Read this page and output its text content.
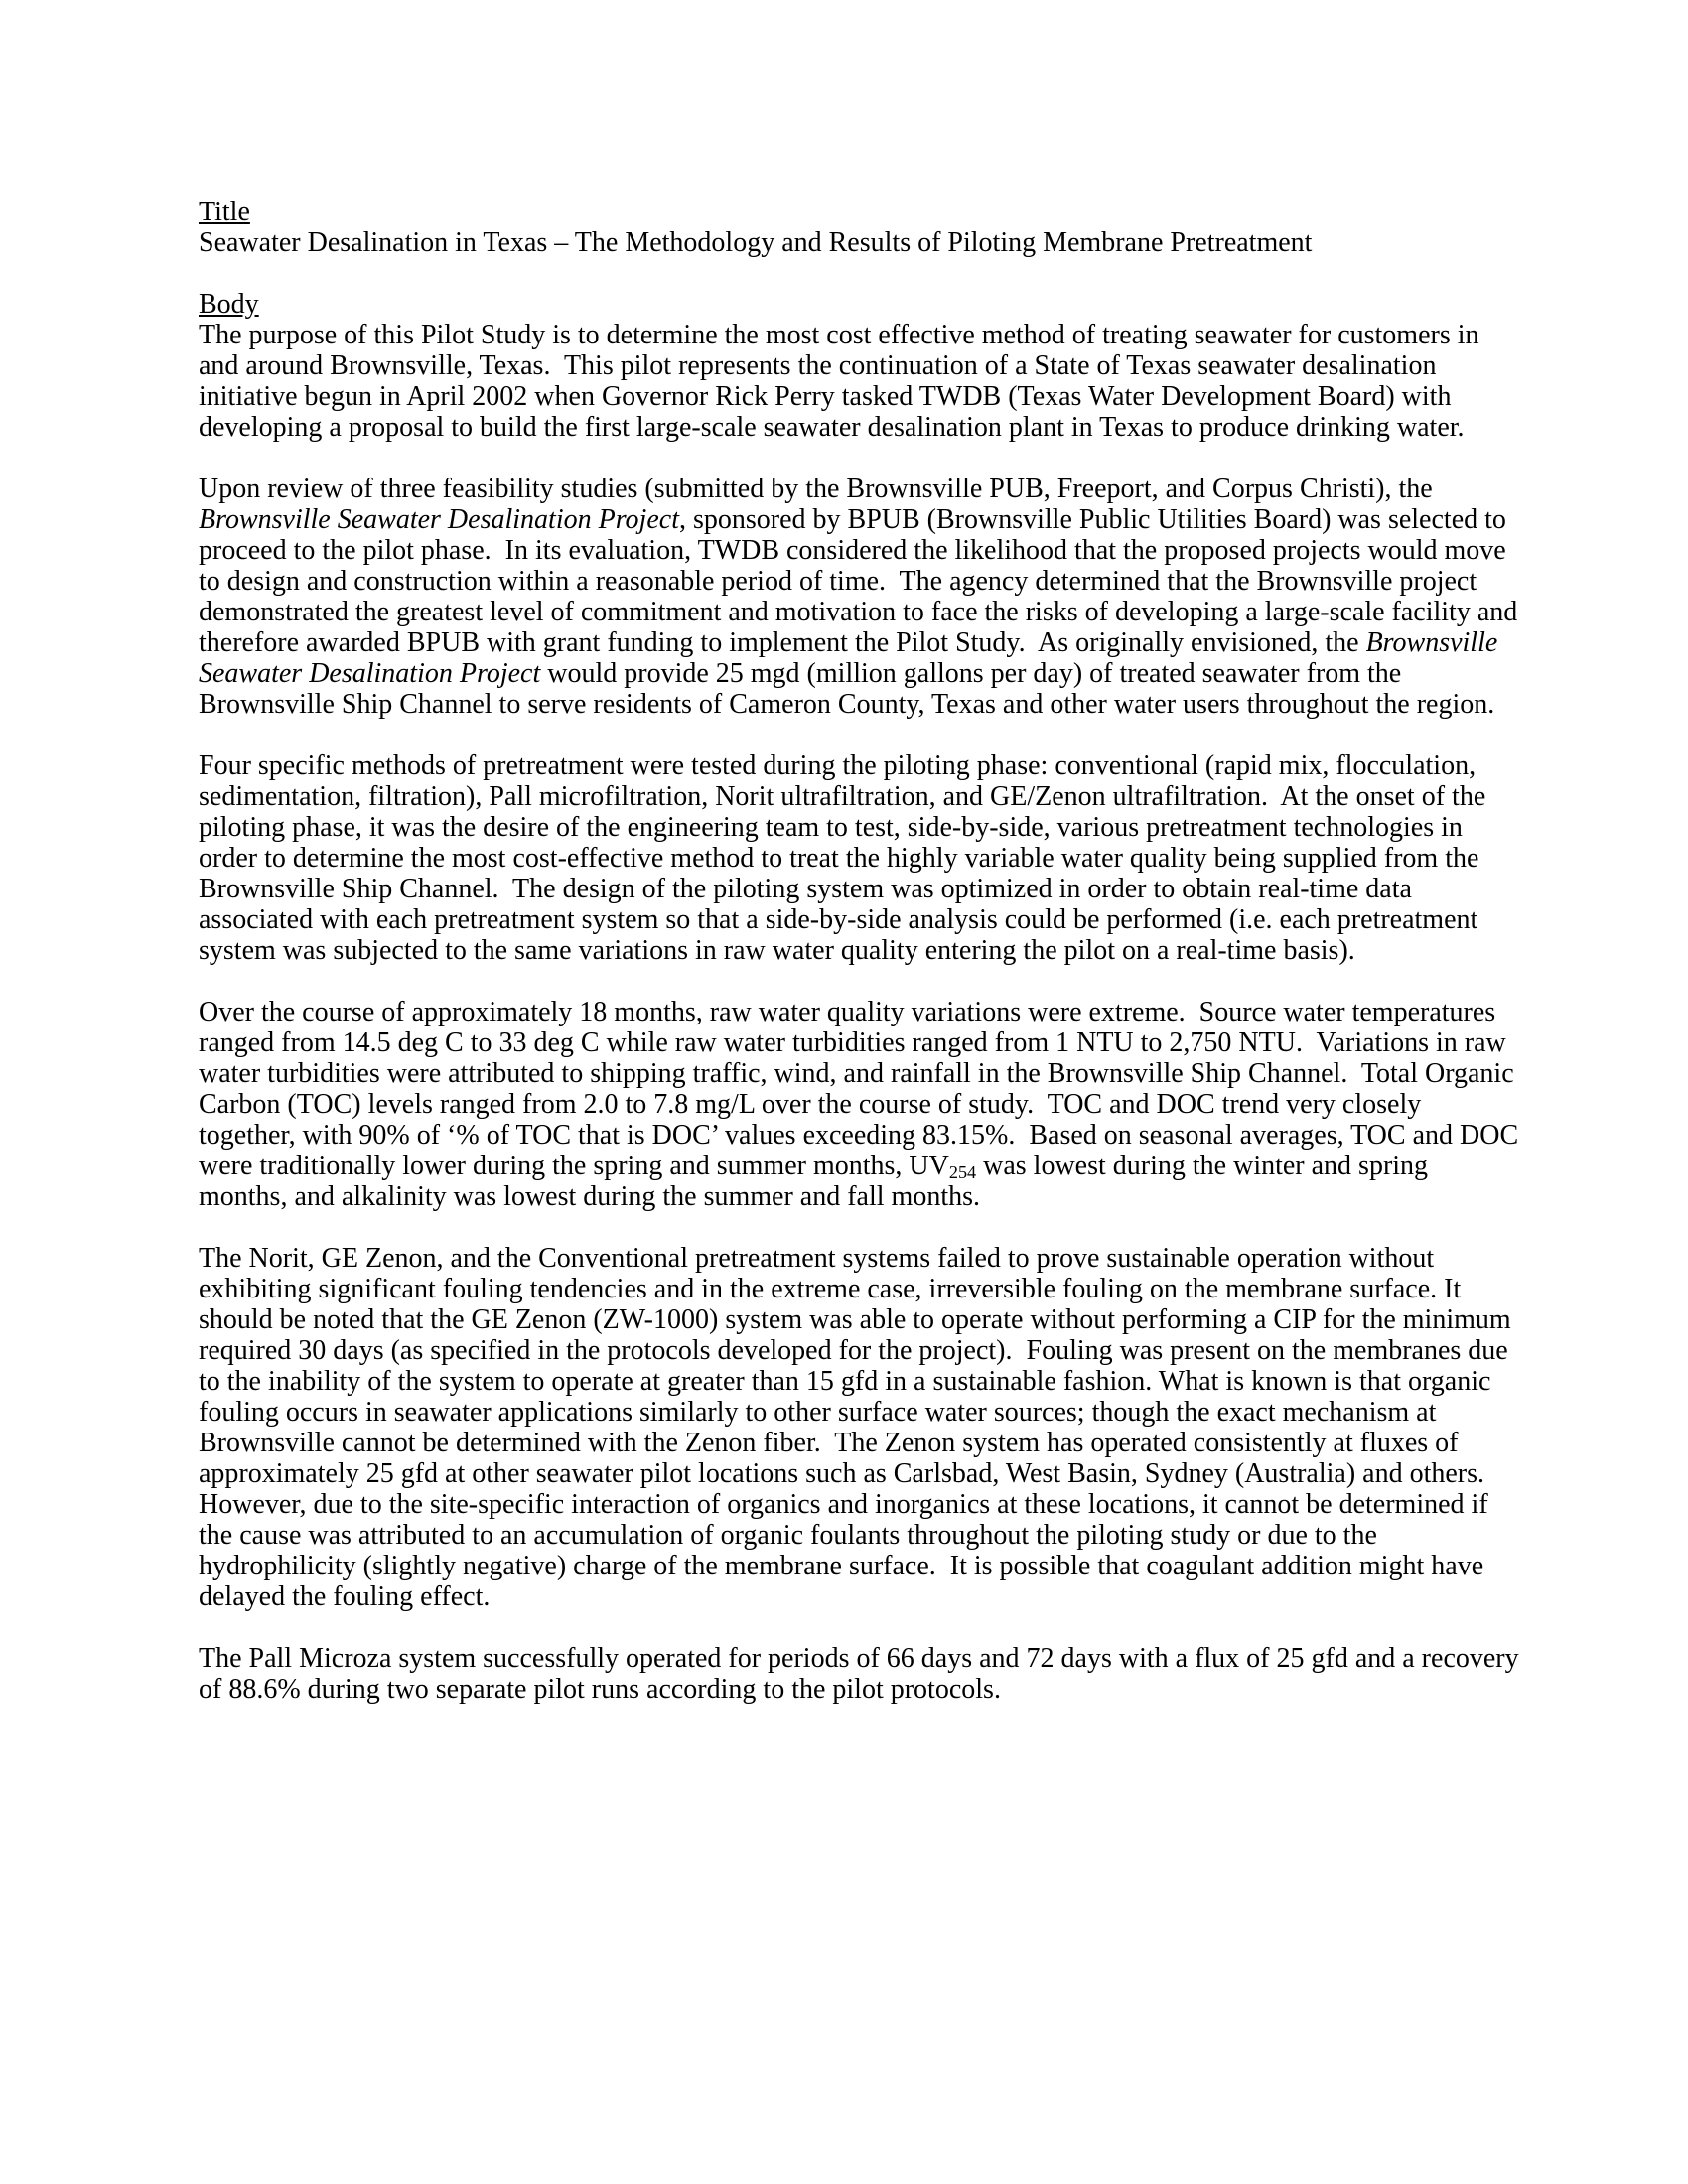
Title
Seawater Desalination in Texas – The Methodology and Results of Piloting Membrane Pretreatment
Body

The purpose of this Pilot Study is to determine the most cost effective method of treating seawater for customers in and around Brownsville, Texas.  This pilot represents the continuation of a State of Texas seawater desalination initiative begun in April 2002 when Governor Rick Perry tasked TWDB (Texas Water Development Board) with developing a proposal to build the first large-scale seawater desalination plant in Texas to produce drinking water.

Upon review of three feasibility studies (submitted by the Brownsville PUB, Freeport, and Corpus Christi), the Brownsville Seawater Desalination Project, sponsored by BPUB (Brownsville Public Utilities Board) was selected to proceed to the pilot phase.  In its evaluation, TWDB considered the likelihood that the proposed projects would move to design and construction within a reasonable period of time.  The agency determined that the Brownsville project demonstrated the greatest level of commitment and motivation to face the risks of developing a large-scale facility and therefore awarded BPUB with grant funding to implement the Pilot Study.  As originally envisioned, the Brownsville Seawater Desalination Project would provide 25 mgd (million gallons per day) of treated seawater from the Brownsville Ship Channel to serve residents of Cameron County, Texas and other water users throughout the region.

Four specific methods of pretreatment were tested during the piloting phase: conventional (rapid mix, flocculation, sedimentation, filtration), Pall microfiltration, Norit ultrafiltration, and GE/Zenon ultrafiltration.  At the onset of the piloting phase, it was the desire of the engineering team to test, side-by-side, various pretreatment technologies in order to determine the most cost-effective method to treat the highly variable water quality being supplied from the Brownsville Ship Channel.  The design of the piloting system was optimized in order to obtain real-time data associated with each pretreatment system so that a side-by-side analysis could be performed (i.e. each pretreatment system was subjected to the same variations in raw water quality entering the pilot on a real-time basis).

Over the course of approximately 18 months, raw water quality variations were extreme.  Source water temperatures ranged from 14.5 deg C to 33 deg C while raw water turbidities ranged from 1 NTU to 2,750 NTU.  Variations in raw water turbidities were attributed to shipping traffic, wind, and rainfall in the Brownsville Ship Channel.  Total Organic Carbon (TOC) levels ranged from 2.0 to 7.8 mg/L over the course of study.  TOC and DOC trend very closely together, with 90% of ‘% of TOC that is DOC’ values exceeding 83.15%.  Based on seasonal averages, TOC and DOC were traditionally lower during the spring and summer months, $UV_{254}$ was lowest during the winter and spring months, and alkalinity was lowest during the summer and fall months.

The Norit, GE Zenon, and the Conventional pretreatment systems failed to prove sustainable operation without exhibiting significant fouling tendencies and in the extreme case, irreversible fouling on the membrane surface. It should be noted that the GE Zenon (ZW-1000) system was able to operate without performing a CIP for the minimum required 30 days (as specified in the protocols developed for the project).  Fouling was present on the membranes due to the inability of the system to operate at greater than 15 gfd in a sustainable fashion. What is known is that organic fouling occurs in seawater applications similarly to other surface water sources; though the exact mechanism at Brownsville cannot be determined with the Zenon fiber.  The Zenon system has operated consistently at fluxes of approximately 25 gfd at other seawater pilot locations such as Carlsbad, West Basin, Sydney (Australia) and others.  However, due to the site-specific interaction of organics and inorganics at these locations, it cannot be determined if the cause was attributed to an accumulation of organic foulants throughout the piloting study or due to the hydrophilicity (slightly negative) charge of the membrane surface.  It is possible that coagulant addition might have delayed the fouling effect.

The Pall Microza system successfully operated for periods of 66 days and 72 days with a flux of 25 gfd and a recovery of 88.6% during two separate pilot runs according to the pilot protocols.
